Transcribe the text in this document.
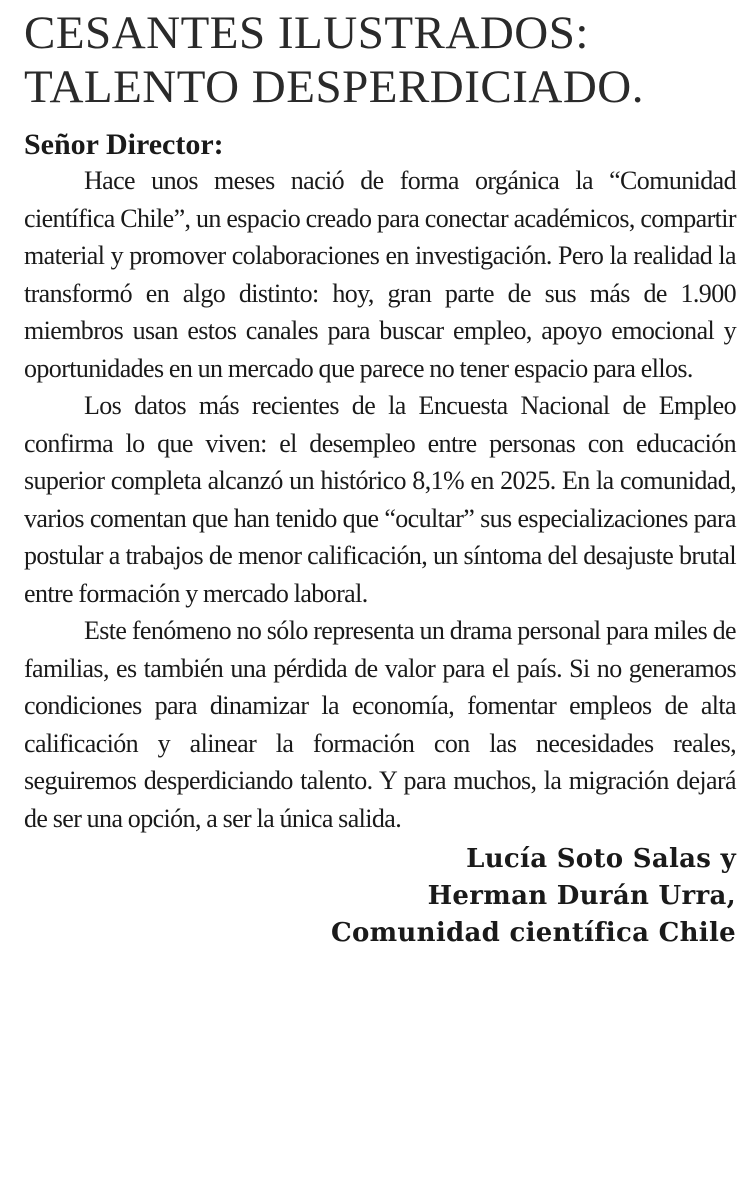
CESANTES ILUSTRADOS:
TALENTO DESPERDICIADO.

Señor Director:

Hace unos meses nació de forma orgánica la “Comunidad científica Chile”, un espacio creado para conectar académicos, compartir material y promover colaboraciones en investigación. Pero la realidad la transformó en algo distinto: hoy, gran parte de sus más de 1.900 miembros usan estos canales para buscar empleo, apoyo emocional y oportunidades en un mercado que parece no tener espacio para ellos.

Los datos más recientes de la Encuesta Nacional de Empleo confirma lo que viven: el desempleo entre personas con educación superior completa alcanzó un histórico 8,1% en 2025. En la comunidad, varios comentan que han tenido que “ocultar” sus especializaciones para postular a trabajos de menor calificación, un síntoma del desajuste brutal entre formación y mercado laboral.

Este fenómeno no sólo representa un drama personal para miles de familias, es también una pérdida de valor para el país. Si no generamos condiciones para dinamizar la economía, fomentar empleos de alta calificación y alinear la formación con las necesidades reales, seguiremos desperdiciando talento. Y para muchos, la migración dejará de ser una opción, a ser la única salida.

Lucía Soto Salas y
Herman Durán Urra,
Comunidad científica Chile
